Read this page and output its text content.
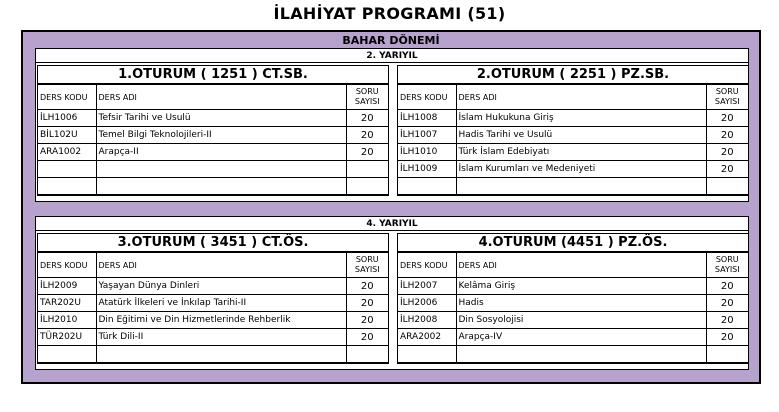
İLAHİYAT PROGRAMI (51)
BAHAR DÖNEMİ
2. YARIYIL
1.OTURUM ( 1251 ) CT.SB.
DERS KODU	DERS ADI	SORU SAYISI
İLH1006	Tefsir Tarihi ve Usulü	20
BİL102U	Temel Bilgi Teknolojileri-II	20
ARA1002	Arapça-II	20

2.OTURUM ( 2251 ) PZ.SB.
DERS KODU	DERS ADI	SORU SAYISI
İLH1008	İslam Hukukuna Giriş	20
İLH1007	Hadis Tarihi ve Usulü	20
İLH1010	Türk İslam Edebiyatı	20
İLH1009	İslam Kurumları ve Medeniyeti	20

4. YARIYIL
3.OTURUM ( 3451 ) CT.ÖS.
DERS KODU	DERS ADI	SORU SAYISI
İLH2009	Yaşayan Dünya Dinleri	20
TAR202U	Atatürk İlkeleri ve İnkılap Tarihi-II	20
İLH2010	Din Eğitimi ve Din Hizmetlerinde Rehberlik	20
TÜR202U	Türk Dili-II	20

4.OTURUM (4451 ) PZ.ÖS.
DERS KODU	DERS ADI	SORU SAYISI
İLH2007	Kelâma Giriş	20
İLH2006	Hadis	20
İLH2008	Din Sosyolojisi	20
ARA2002	Arapça-IV	20
